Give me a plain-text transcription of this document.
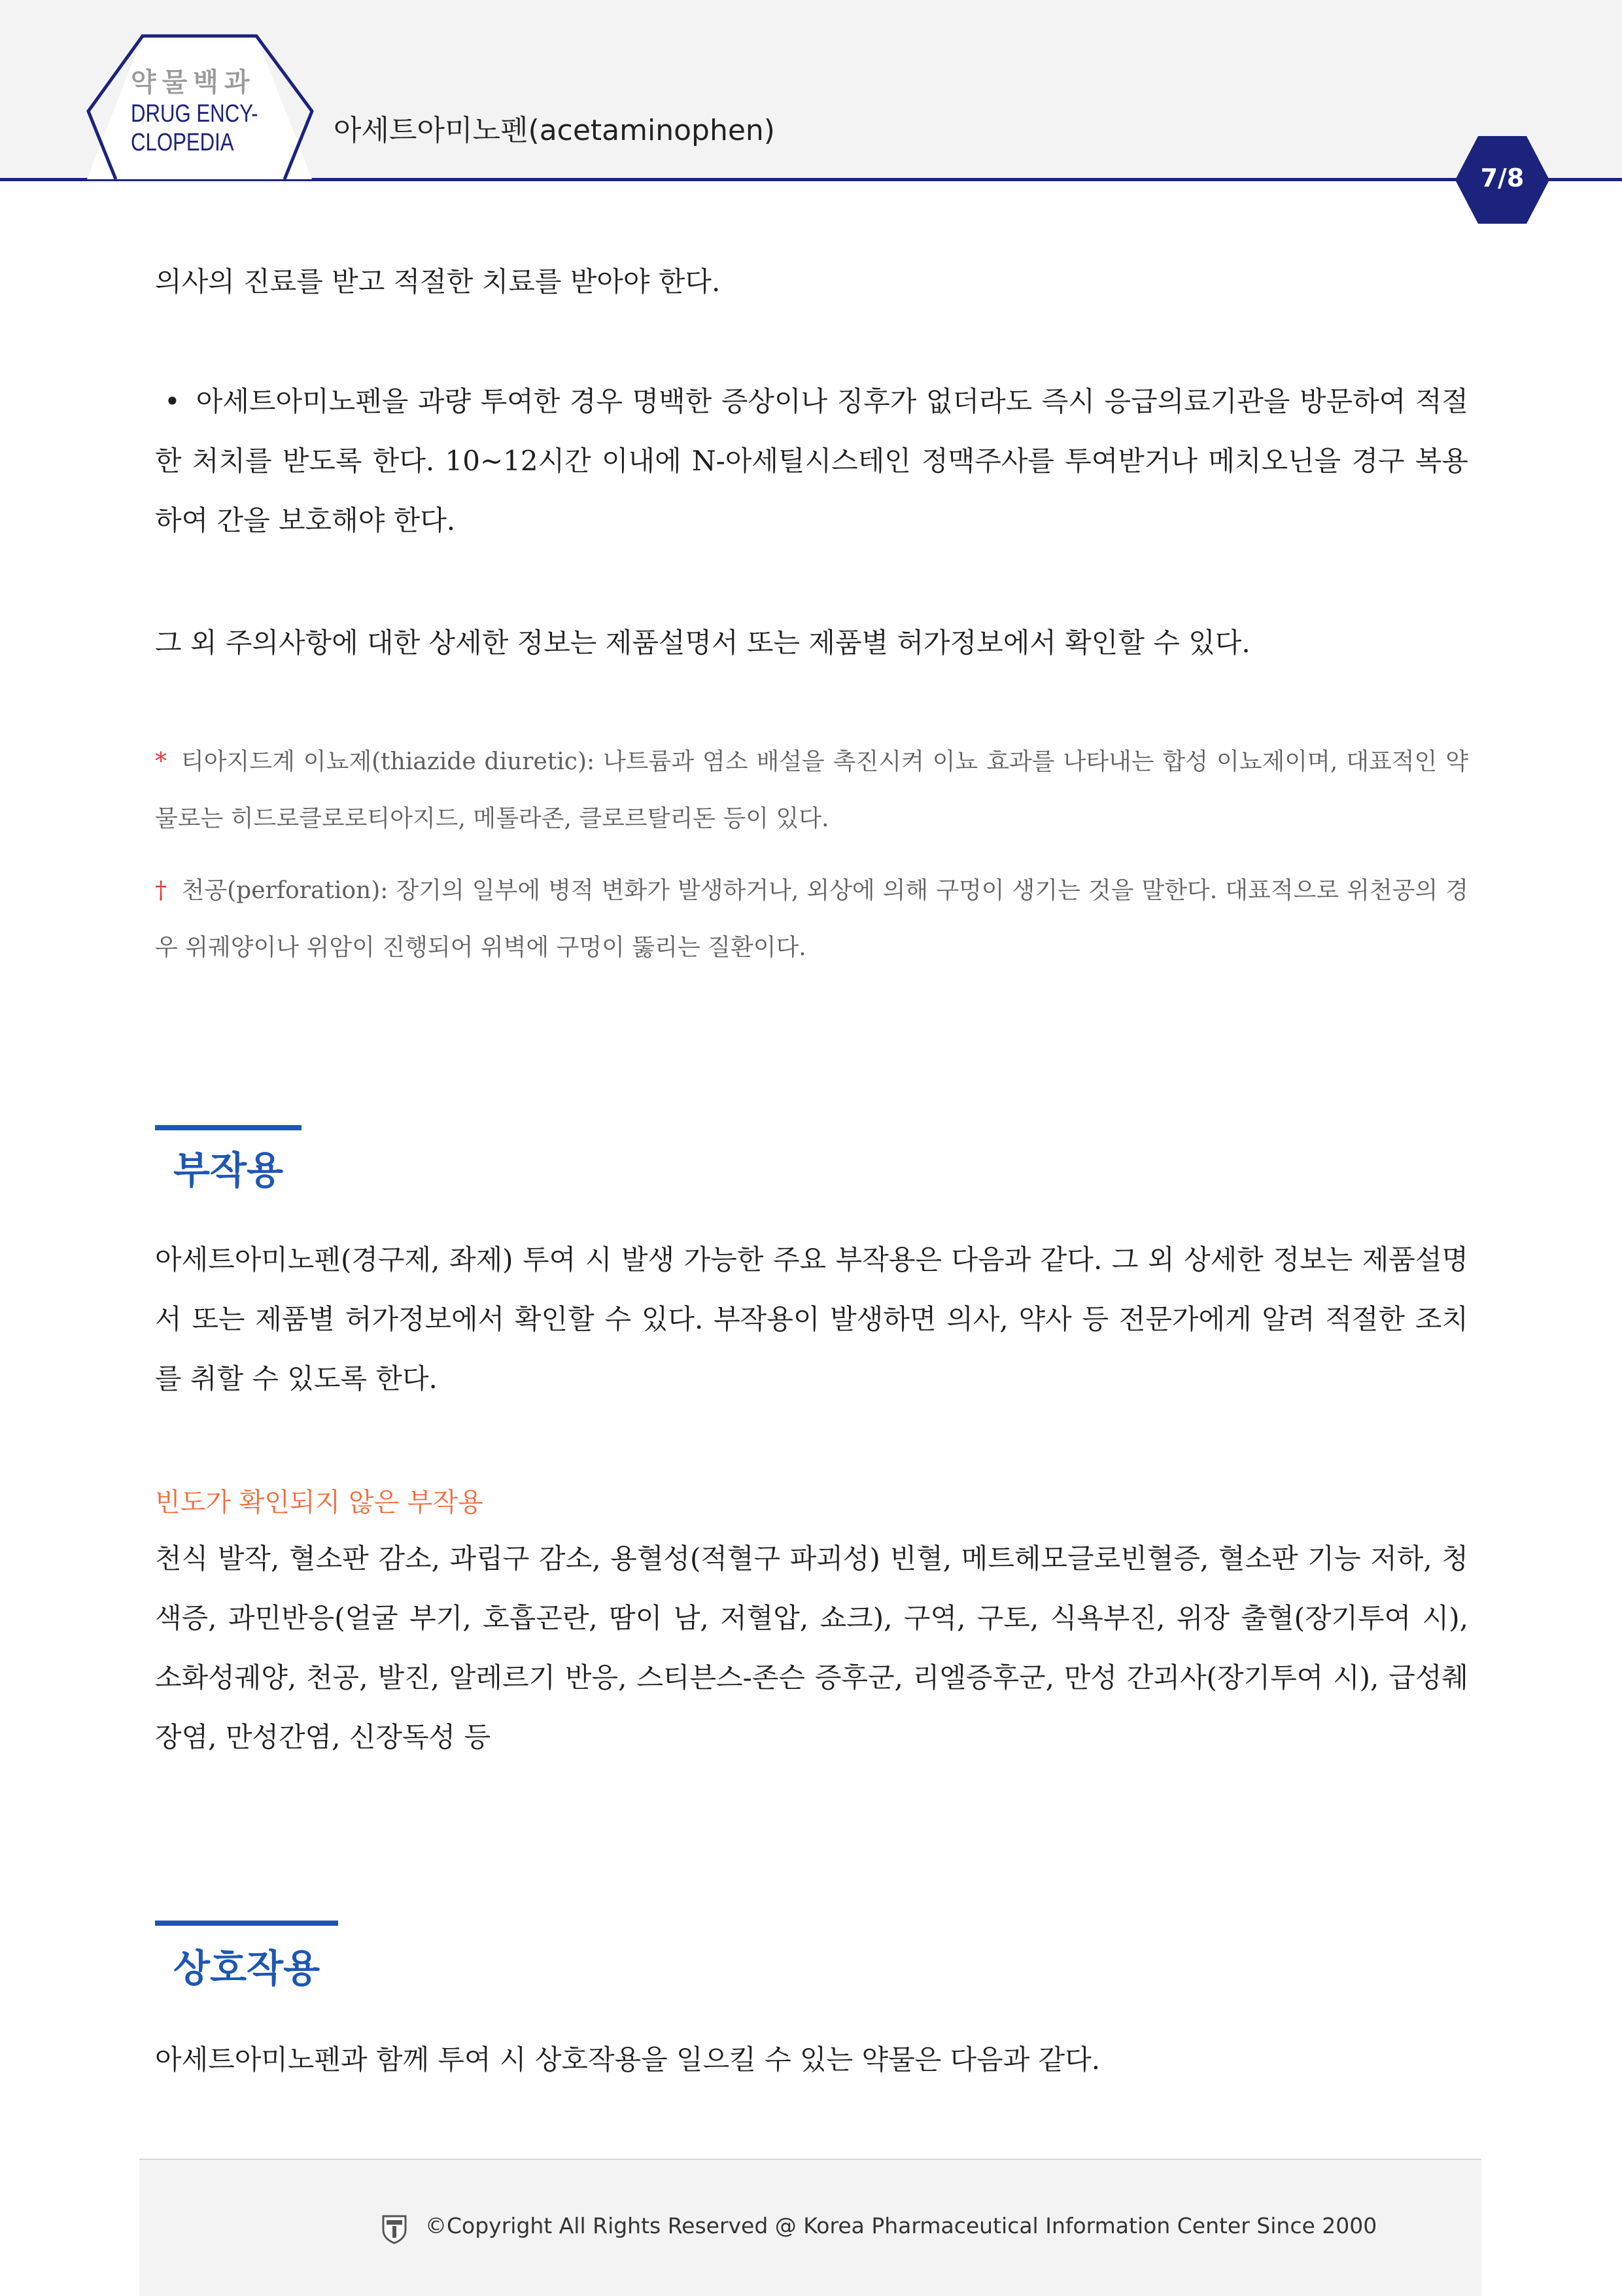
약물백과
DRUG ENCY-
CLOPEDIA	아세트아미노펜(acetaminophen)
7/8
의사의 진료를 받고 적절한 치료를 받아야 한다.
• 아세트아미노펜을 과량 투여한 경우 명백한 증상이나 징후가 없더라도 즉시 응급의료기관을 방문하여 적절한 처치를 받도록 한다. 10~12시간 이내에 N-아세틸시스테인 정맥주사를 투여받거나 메치오닌을 경구 복용하여 간을 보호해야 한다.
그 외 주의사항에 대한 상세한 정보는 제품설명서 또는 제품별 허가정보에서 확인할 수 있다.
* 티아지드계 이뇨제(thiazide diuretic): 나트륨과 염소 배설을 촉진시켜 이뇨 효과를 나타내는 합성 이뇨제이며, 대표적인 약물로는 히드로클로로티아지드, 메톨라존, 클로르탈리돈 등이 있다.
† 천공(perforation): 장기의 일부에 병적 변화가 발생하거나, 외상에 의해 구멍이 생기는 것을 말한다. 대표적으로 위천공의 경우 위궤양이나 위암이 진행되어 위벽에 구멍이 뚫리는 질환이다.
부작용
아세트아미노펜(경구제, 좌제) 투여 시 발생 가능한 주요 부작용은 다음과 같다. 그 외 상세한 정보는 제품설명서 또는 제품별 허가정보에서 확인할 수 있다. 부작용이 발생하면 의사, 약사 등 전문가에게 알려 적절한 조치를 취할 수 있도록 한다.
빈도가 확인되지 않은 부작용
천식 발작, 혈소판 감소, 과립구 감소, 용혈성(적혈구 파괴성) 빈혈, 메트헤모글로빈혈증, 혈소판 기능 저하, 청색증, 과민반응(얼굴 부기, 호흡곤란, 땀이 남, 저혈압, 쇼크), 구역, 구토, 식욕부진, 위장 출혈(장기투여 시), 소화성궤양, 천공, 발진, 알레르기 반응, 스티븐스-존슨 증후군, 리엘증후군, 만성 간괴사(장기투여 시), 급성췌장염, 만성간염, 신장독성 등
상호작용
아세트아미노펜과 함께 투여 시 상호작용을 일으킬 수 있는 약물은 다음과 같다.
©Copyright All Rights Reserved @ Korea Pharmaceutical Information Center Since 2000
